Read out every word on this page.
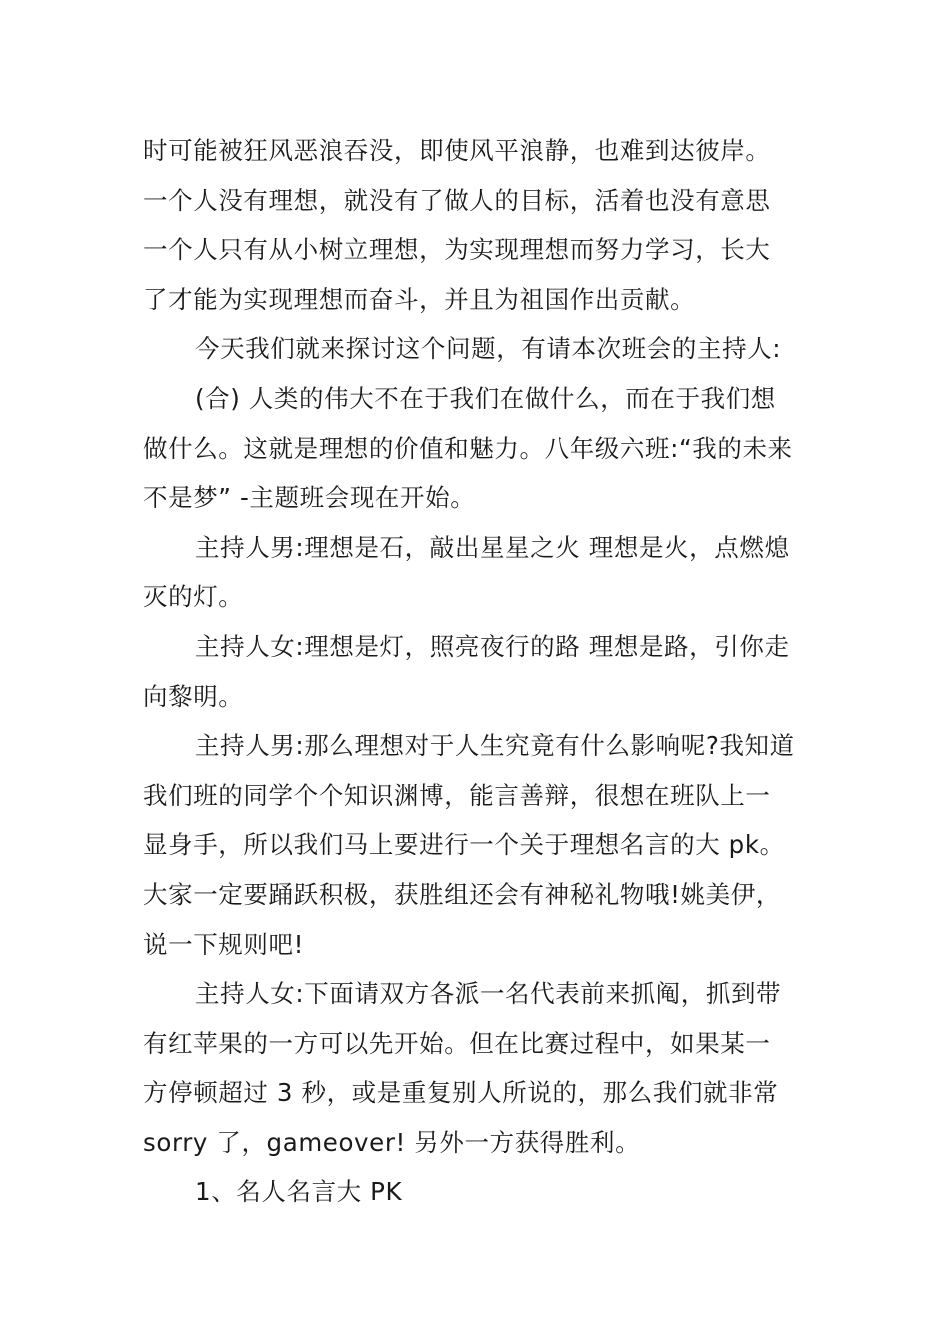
时可能被狂风恶浪吞没，即使风平浪静，也难到达彼岸。
一个人没有理想，就没有了做人的目标，活着也没有意思
一个人只有从小树立理想，为实现理想而努力学习，长大
了才能为实现理想而奋斗，并且为祖国作出贡献。
今天我们就来探讨这个问题，有请本次班会的主持人:
(合) 人类的伟大不在于我们在做什么，而在于我们想
做什么。这就是理想的价值和魅力。八年级六班:“我的未来
不是梦” -主题班会现在开始。
主持人男:理想是石，敲出星星之火 理想是火，点燃熄
灭的灯。
主持人女:理想是灯，照亮夜行的路 理想是路，引你走
向黎明。
主持人男:那么理想对于人生究竟有什么影响呢?我知道
我们班的同学个个知识渊博，能言善辩，很想在班队上一
显身手，所以我们马上要进行一个关于理想名言的大 pk。
大家一定要踊跃积极，获胜组还会有神秘礼物哦!姚美伊，
说一下规则吧!
主持人女:下面请双方各派一名代表前来抓阄，抓到带
有红苹果的一方可以先开始。但在比赛过程中，如果某一
方停顿超过 3 秒，或是重复别人所说的，那么我们就非常
sorry 了，gameover! 另外一方获得胜利。
1、名人名言大 PK
